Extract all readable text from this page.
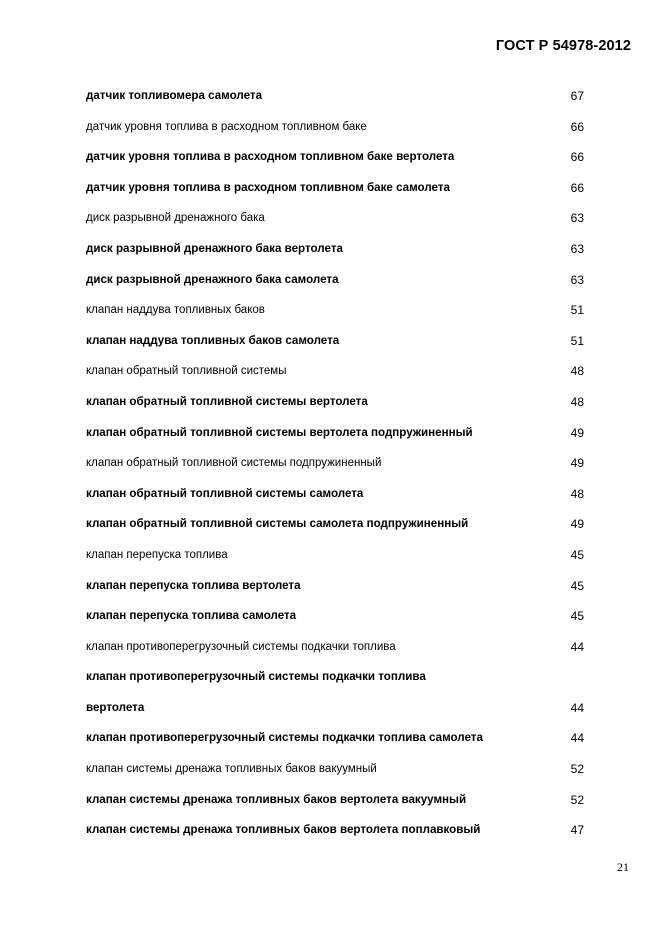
ГОСТ Р 54978-2012
датчик топливомера самолета	67
датчик уровня топлива в расходном топливном баке	66
датчик уровня топлива в расходном топливном баке вертолета	66
датчик уровня топлива в расходном топливном баке самолета	66
диск разрывной дренажного бака	63
диск разрывной дренажного бака вертолета	63
диск разрывной дренажного бака самолета	63
клапан наддува топливных баков	51
клапан наддува топливных баков самолета	51
клапан обратный топливной системы	48
клапан обратный топливной системы вертолета	48
клапан обратный топливной системы вертолета подпружиненный	49
клапан обратный топливной системы подпружиненный	49
клапан обратный топливной системы самолета	48
клапан обратный топливной системы самолета подпружиненный	49
клапан перепуска топлива	45
клапан перепуска топлива вертолета	45
клапан перепуска топлива самолета	45
клапан противоперегрузочный системы подкачки топлива	44
клапан противоперегрузочный системы подкачки топлива
вертолета	44
клапан противоперегрузочный системы подкачки топлива самолета	44
клапан системы дренажа топливных баков вакуумный	52
клапан системы дренажа топливных баков вертолета вакуумный	52
клапан системы дренажа топливных баков вертолета поплавковый	47
21
